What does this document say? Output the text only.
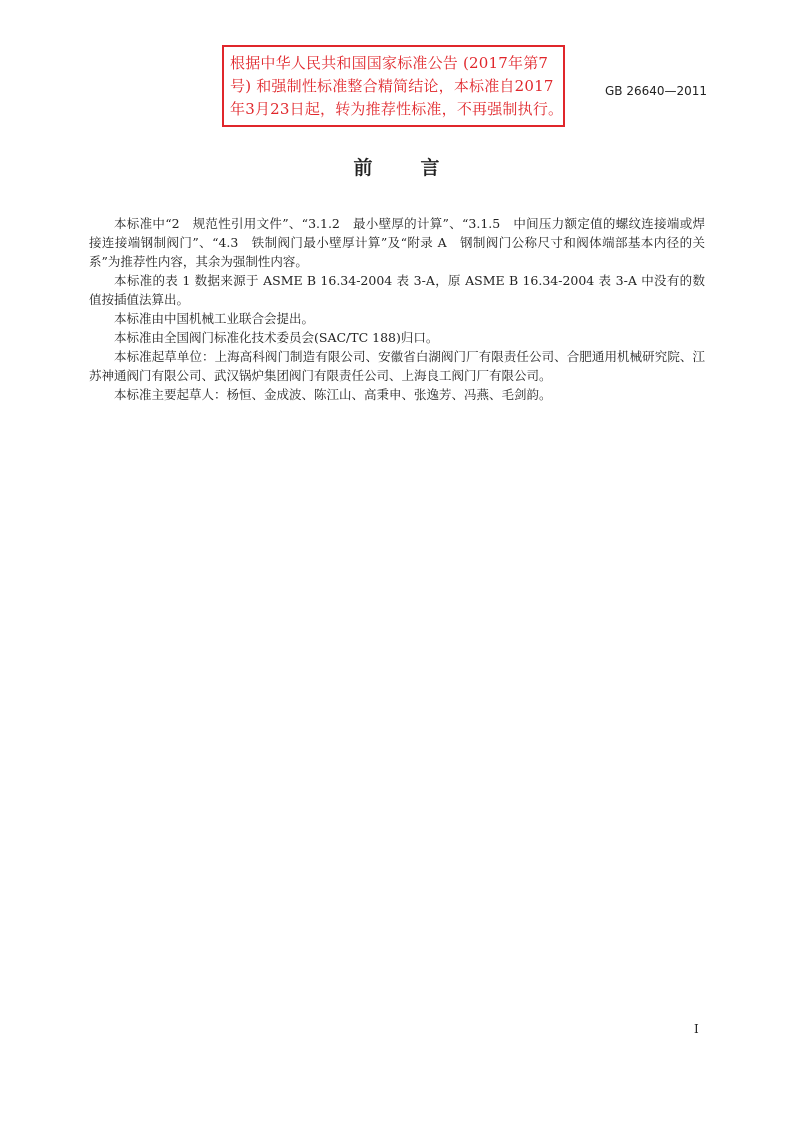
根据中华人民共和国国家标准公告 (2017年第7
号) 和强制性标准整合精简结论，本标准自2017
年3月23日起，转为推荐性标准，不再强制执行。
GB 26640—2011
前言

本标准中“2　规范性引用文件”、“3.1.2　最小壁厚的计算”、“3.1.5　中间压力额定值的螺纹连接端或焊接连接端钢制阀门”、“4.3　铁制阀门最小壁厚计算”及“附录 A　钢制阀门公称尺寸和阀体端部基本内径的关系”为推荐性内容，其余为强制性内容。

本标准的表 1 数据来源于 ASME B 16.34-2004 表 3-A，原 ASME B 16.34-2004 表 3-A 中没有的数值按插值法算出。

本标准由中国机械工业联合会提出。

本标准由全国阀门标准化技术委员会(SAC/TC 188)归口。

本标准起草单位：上海高科阀门制造有限公司、安徽省白湖阀门厂有限责任公司、合肥通用机械研究院、江苏神通阀门有限公司、武汉锅炉集团阀门有限责任公司、上海良工阀门厂有限公司。

本标准主要起草人：杨恒、金成波、陈江山、高秉申、张逸芳、冯燕、毛剑韵。

I
